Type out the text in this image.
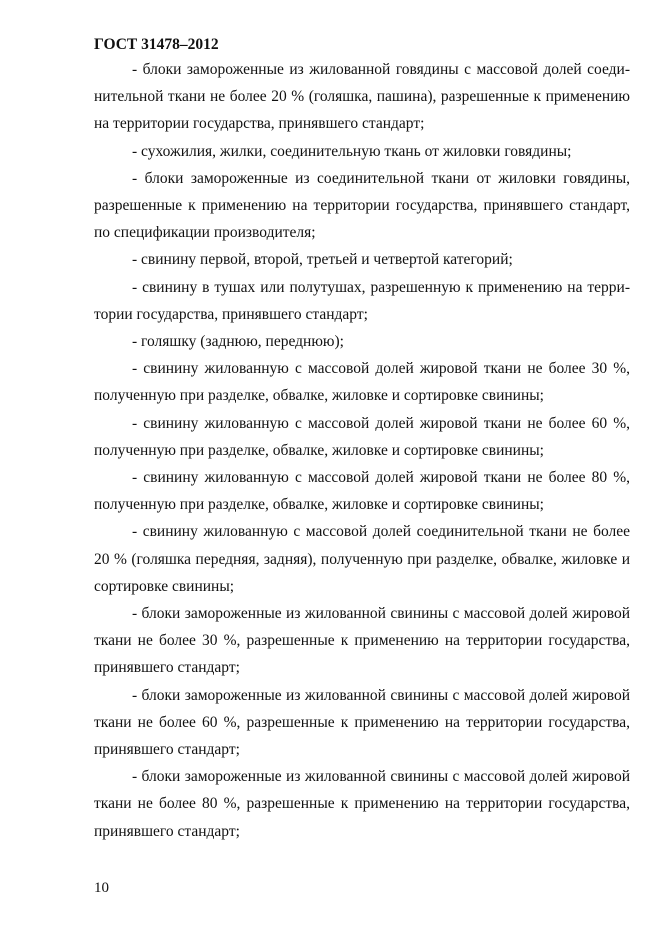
ГОСТ 31478–2012

- блоки замороженные из жилованной говядины с массовой долей соеди-нительной ткани не более 20 % (голяшка, пашина), разрешенные к применению на территории государства, принявшего стандарт;

- сухожилия, жилки, соединительную ткань от жиловки говядины;

- блоки замороженные из соединительной ткани от жиловки говядины, разрешенные к применению на территории государства, принявшего стандарт, по спецификации производителя;

- свинину первой, второй, третьей и четвертой категорий;

- свинину в тушах или полутушах, разрешенную к применению на терри-тории государства, принявшего стандарт;

- голяшку (заднюю, переднюю);

- свинину жилованную с массовой долей жировой ткани не более 30 %, полученную при разделке, обвалке, жиловке и сортировке свинины;

- свинину жилованную с массовой долей жировой ткани не более 60 %, полученную при разделке, обвалке, жиловке и сортировке свинины;

- свинину жилованную с массовой долей жировой ткани не более 80 %, полученную при разделке, обвалке, жиловке и сортировке свинины;

- свинину жилованную с массовой долей соединительной ткани не более 20 % (голяшка передняя, задняя), полученную при разделке, обвалке, жиловке и сортировке свинины;

- блоки замороженные из жилованной свинины с массовой долей жировой ткани не более 30 %, разрешенные к применению на территории государства, принявшего стандарт;

- блоки замороженные из жилованной свинины с массовой долей жировой ткани не более 60 %, разрешенные к применению на территории государства, принявшего стандарт;

- блоки замороженные из жилованной свинины с массовой долей жировой ткани не более 80 %, разрешенные к применению на территории государства, принявшего стандарт;

10
